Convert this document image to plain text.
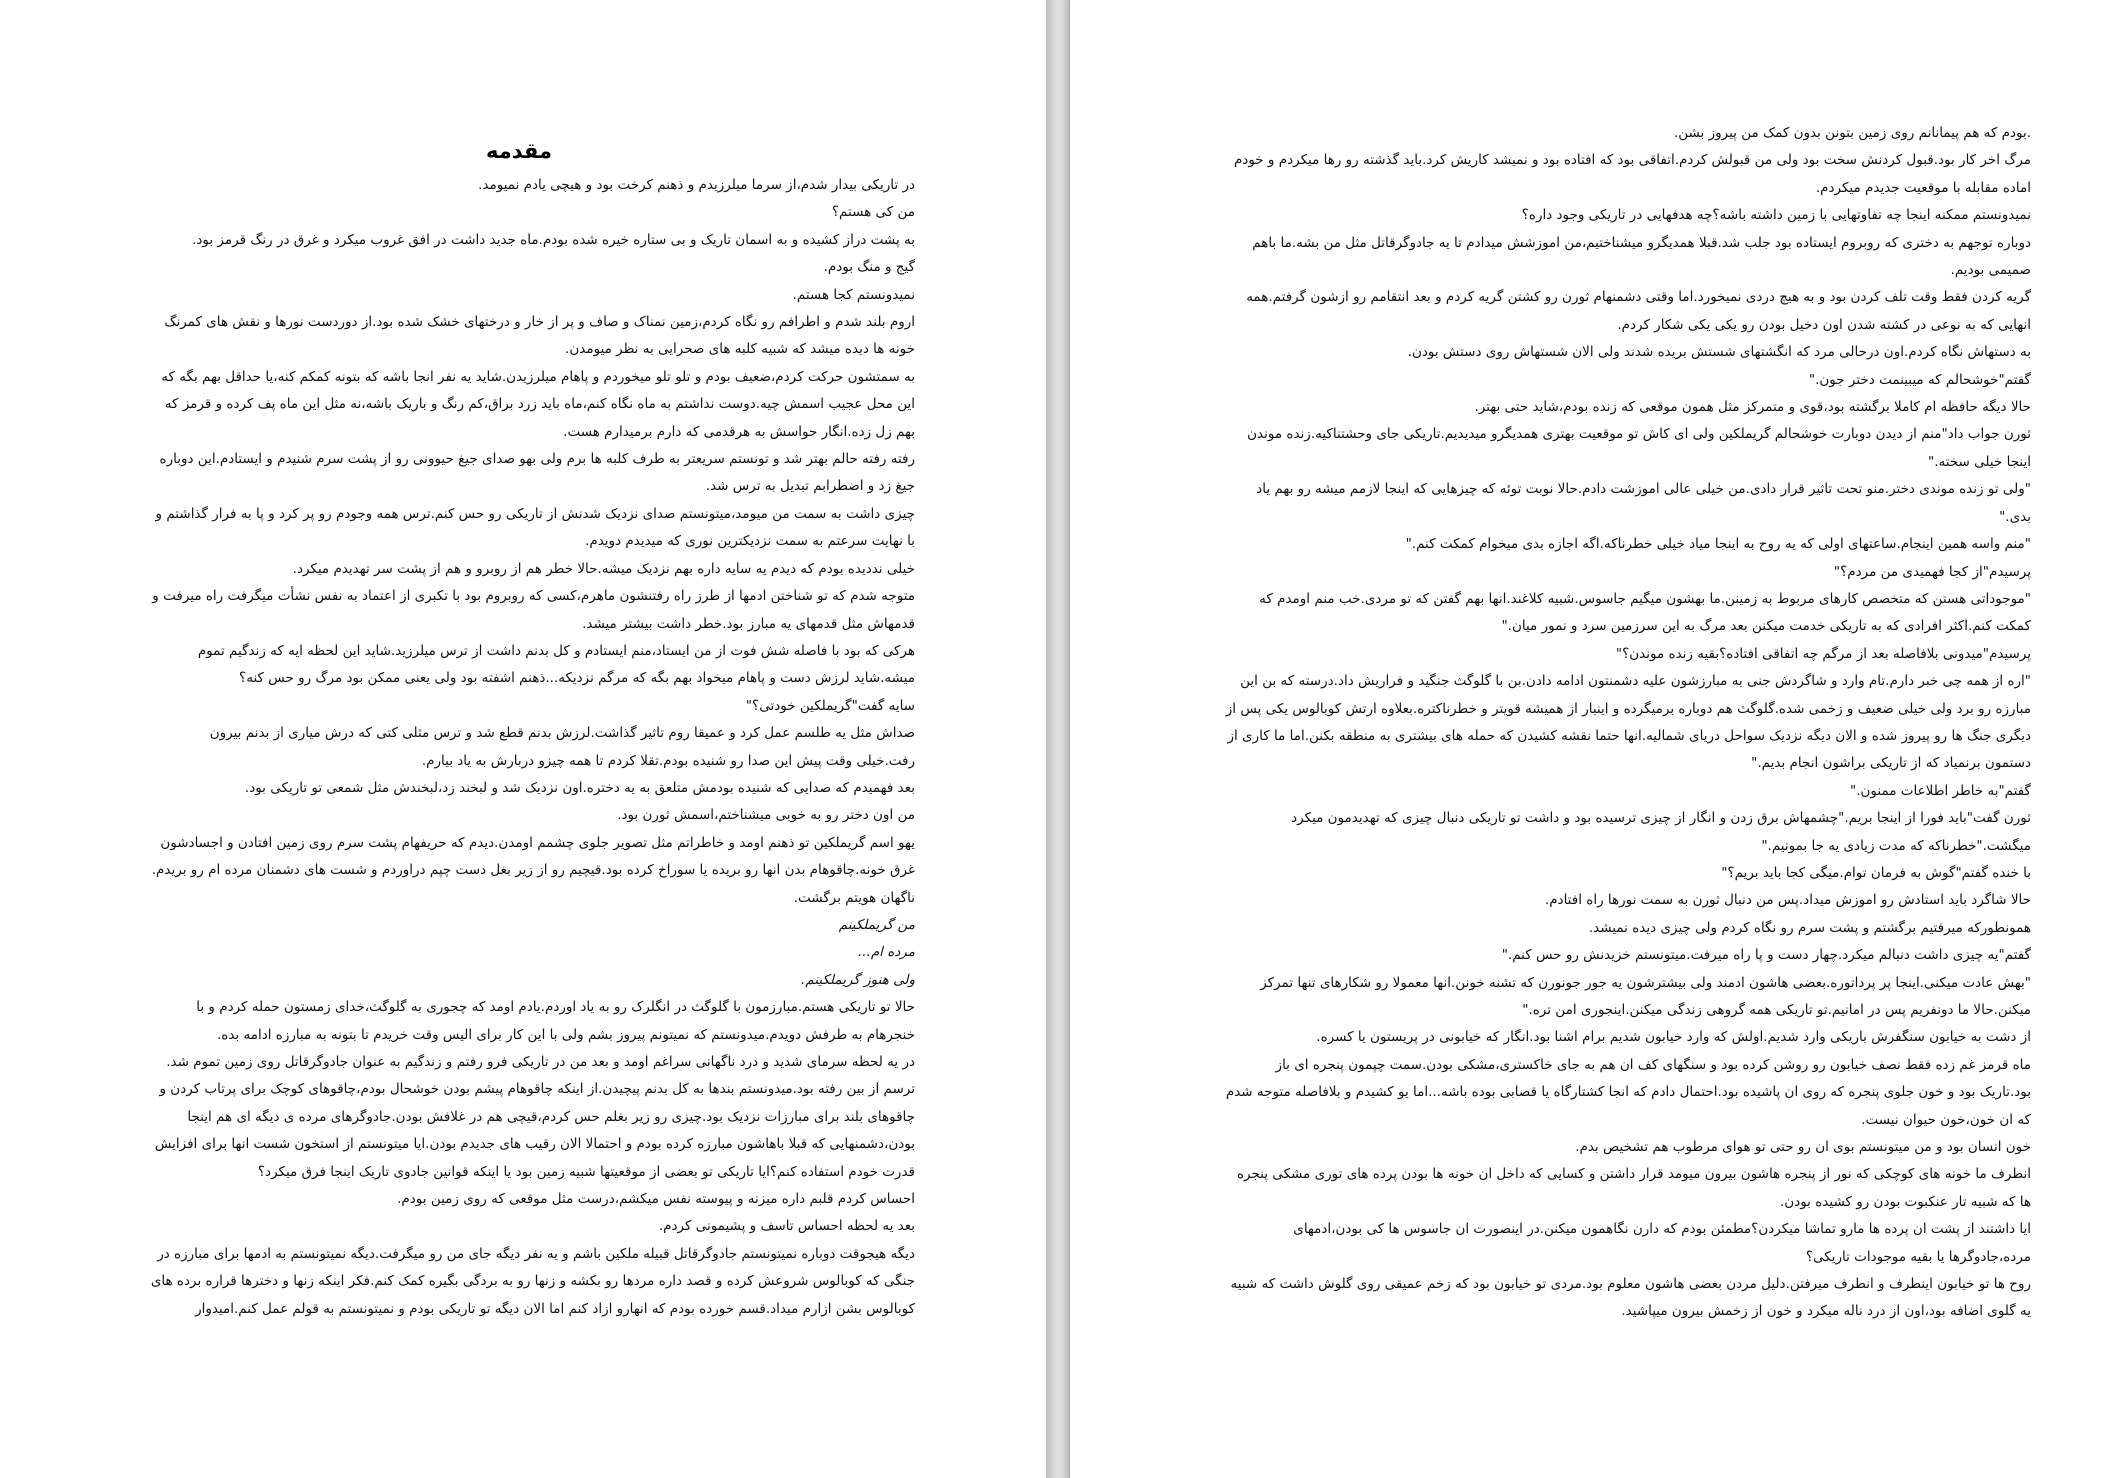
مقدمه

در تاریکی بیدار شدم،از سرما میلرزیدم و ذهنم کرخت بود و هیچی یادم نمیومد.

من کی هستم؟

به پشت دراز کشیده و به اسمان تاریک و بی ستاره خیره شده بودم.ماه جدید داشت در افق غروب میکرد و غرق در رنگ قرمز بود.

گیج و منگ بودم.

نمیدونستم کجا هستم.

اروم بلند شدم و اطرافم رو نگاه کردم،زمین نمناک و صاف و پر از خار و درختهای خشک شده بود.از دوردست نورها و نقش های کمرنگ خونه ها دیده میشد که شبیه کلبه های صحرایی به نظر میومدن.

به سمتشون حرکت کردم،ضعیف بودم و تلو تلو میخوردم و پاهام میلرزیدن.شاید یه نفر انجا باشه که بتونه کمکم کنه،یا حداقل بهم بگه که این محل عجیب اسمش چیه.دوست نداشتم به ماه نگاه کنم،ماه باید زرد براق،کم رنگ و باریک باشه،نه مثل این ماه پف کرده و قرمز که بهم زل زده.انگار حواسش به هرقدمی که دارم برمیدارم هست.

رفته رفته حالم بهتر شد و تونستم سریعتر به طرف کلبه ها برم ولی بهو صدای جیغ حیوونی رو از پشت سرم شنیدم و ایستادم.این دوباره جیغ زد و اضطرابم تبدیل به ترس شد.

چیزی داشت به سمت من میومد،میتونستم صدای نزدیک شدنش از تاریکی رو حس کنم.ترس همه وجودم رو پر کرد و پا به فرار گذاشتم و با نهایت سرعتم به سمت نزدیکترین نوری که میدیدم دویدم.

خیلی نددیده بودم که دیدم یه سایه داره بهم نزدیک میشه.حالا خطر هم از روبرو و هم از پشت سر تهدیدم میکرد.

متوجه شدم که تو شناختن ادمها از طرز راه رفتنشون ماهرم،کسی که روبروم بود با تکبری از اعتماد به نفس نشأت میگرفت راه میرفت و قدمهاش مثل قدمهای یه مبارز بود.خطر داشت بیشتر میشد.

هرکی که بود با فاصله شش فوت از من ایستاد،منم ایستادم و کل بدنم داشت از ترس میلرزید.شاید این لحظه ایه که زندگیم تموم میشه.شاید لرزش دست و پاهام میخواد بهم بگه که مرگم نزدیکه...ذهنم اشفته بود ولی یعنی ممکن بود مرگ رو حس کنه؟

سایه گفت"گریملکین خودتی؟"

صداش مثل یه طلسم عمل کرد و عمیقا روم تاثیر گذاشت.لرزش بدنم قطع شد و ترس مثلی کتی که درش میاری از بدنم بیرون رفت.خیلی وقت پیش این صدا رو شنیده بودم.تقلا کردم تا همه چیزو دربارش به یاد بیارم.

بعد فهمیدم که صدایی که شنیده بودمش متلعق به یه دختره.اون نزدیک شد و لبخند زد،لبخندش مثل شمعی تو تاریکی بود.

من اون دختر رو به خوبی میشناختم،اسمش ثورن بود.

یهو اسم گریملکین تو ذهنم اومد و خاطراتم مثل تصویر جلوی چشمم اومدن.دیدم که حریفهام پشت سرم روی زمین افتادن و اجسادشون غرق خونه.چاقوهام بدن انها رو بریده یا سوراخ کرده بود.قیچیم رو از زیر بغل دست چپم دراوردم و شست های دشمنان مرده ام رو بریدم.

ناگهان هویتم برگشت.

من گریملکینم

مرده ام...

ولی هنوز گریملکینم.

حالا تو تاریکی هستم.مبارزمون با گلوگث در انگلرک رو به یاد اوردم.یادم اومد که چجوری به گلوگث،خدای زمستون حمله کردم و با خنجرهام به طرفش دویدم.میدونستم که نمیتونم پیروز بشم ولی با این کار برای الیس وقت خریدم تا بتونه به مبارزه ادامه بده.

در یه لحظه سرمای شدید و درد ناگهانی سراغم اومد و بعد من در تاریکی فرو رفتم و زندگیم به عنوان جادوگرقاتل روی زمین تموم شد.

ترسم از بین رفته بود.میدونستم بندها به کل بدنم پیچیدن.از اینکه چاقوهام پیشم بودن خوشحال بودم،چاقوهای کوچک برای پرتاب کردن و چاقوهای بلند برای مبارزات نزدیک بود.چیزی رو زیر بغلم حس کردم،قیچی هم در غلافش بودن.جادوگرهای مرده ی دیگه ای هم اینجا بودن،دشمنهایی که قبلا باهاشون مبارزه کرده بودم و احتمالا الان رقیب های جدیدم بودن.ایا میتونستم از استخون شست انها برای افزایش قدرت خودم استفاده کنم؟ایا تاریکی تو بعضی از موقعیتها شبیه زمین بود یا اینکه قوانین جادوی تاریک اینجا فرق میکرد؟

احساس کردم قلبم داره میزنه و پیوسته نفس میکشم،درست مثل موقعی که روی زمین بودم.

بعد یه لحظه احساس تاسف و پشیمونی کردم.

دیگه هیجوقت دوباره نمیتونستم جادوگرقاتل قبیله ملکین باشم و یه نفر دیگه جای من رو میگرفت.دیگه نمیتونستم به ادمها برای مبارزه در جنگی که کوبالوس شروعش کرده و قصد داره مردها رو بکشه و زنها رو به بردگی بگیره کمک کنم.فکر اینکه زنها و دخترها قراره برده های کوبالوس بشن ازارم میداد.قسم خورده بودم که انهارو ازاد کنم اما الان دیگه تو تاریکی بودم و نمیتونستم به قولم عمل کنم.امیدوار

.بودم که هم پیمانانم روی زمین بتونن بدون کمک من پیروز بشن.

مرگ اخر کار بود.قبول کردنش سخت بود ولی من قبولش کردم.اتفاقی بود که افتاده بود و نمیشد کاریش کرد.باید گذشته رو رها میکردم و خودم اماده مقابله با موقعیت جدیدم میکردم.

نمیدونستم ممکنه اینجا چه تفاوتهایی با زمین داشته باشه؟چه هدفهایی در تاریکی وجود داره؟

دوباره توجهم به دختری که روبروم ایستاده بود جلب شد.قبلا همدیگرو میشناختیم،من اموزشش میدادم تا یه جادوگرقاتل مثل من بشه.ما باهم صمیمی بودیم.

گریه کردن فقط وقت تلف کردن بود و به هیچ دردی نمیخورد.اما وقتی دشمنهام ثورن رو کشتن گریه کردم و بعد انتقامم رو ازشون گرفتم.همه انهایی که به نوعی در کشته شدن اون دخیل بودن رو یکی یکی شکار کردم.

به دستهاش نگاه کردم.اون درحالی مرد که انگشتهای شستش بریده شدند ولی الان شستهاش روی دستش بودن.

گفتم"خوشحالم که میبینمت دختر جون."

حالا دیگه حافظه ام کاملا برگشته بود،قوی و متمرکز مثل همون موقعی که زنده بودم،شاید حتی بهتر.

ثورن جواب داد"منم از دیدن دوبارت خوشحالم گریملکین ولی ای کاش تو موقعیت بهتری همدیگرو میدیدیم.تاریکی جای وحشتناکیه.زنده موندن اینجا خیلی سخته."

"ولی تو زنده موندی دختر.منو تحت تاثیر قرار دادی.من خیلی عالی اموزشت دادم.حالا نوبت توئه که چیزهایی که اینجا لازمم میشه رو بهم یاد بدی."

"منم واسه همین اینجام.ساعتهای اولی که یه روح به اینجا میاد خیلی خطرناکه.اگه اجازه بدی میخوام کمکت کنم."

پرسیدم"از کجا فهمیدی من مردم؟"

"موجوداتی هستن که متخصص کارهای مربوط به زمینن.ما بهشون میگیم جاسوس.شبیه کلاغند.انها بهم گفتن که تو مردی.خب منم اومدم که کمکت کنم.اکثر افرادی که به تاریکی خدمت میکنن بعد مرگ به این سرزمین سرد و نمور میان."

پرسیدم"میدونی بلافاصله بعد از مرگم چه اتفاقی افتاده؟بقیه زنده موندن؟"

"اره از همه چی خبر دارم.تام وارد و شاگردش جنی به مبارزشون علیه دشمنتون ادامه دادن.بن با گلوگث جنگید و فراریش داد.درسته که بن این مبارزه رو برد ولی خیلی ضعیف و زخمی شده.گلوگث هم دوباره برمیگرده و اینبار از همیشه قویتر و خطرناکتره.بعلاوه ارتش کوبالوس یکی پس از دیگری جنگ ها رو پیروز شده و الان دیگه نزدیک سواحل دریای شمالیه.انها حتما نقشه کشیدن که حمله های بیشتری به منطقه بکنن.اما ما کاری از دستمون برنمیاد که از تاریکی براشون انجام بدیم."

گفتم"به خاطر اطلاعات ممنون."

ثورن گفت"باید فورا از اینجا بریم."چشمهاش برق زدن و انگار از چیزی ترسیده بود و داشت تو تاریکی دنبال چیزی که تهدیدمون میکرد میگشت."خطرناکه که مدت زیادی یه جا بمونیم."

با خنده گفتم"گوش به فرمان توام.میگی کجا باید بریم؟"

حالا شاگرد باید استادش رو اموزش میداد.پس من دنبال ثورن به سمت نورها راه افتادم.

همونطورکه میرفتیم برگشتم و پشت سرم رو نگاه کردم ولی چیزی دیده نمیشد.

گفتم"یه چیزی داشت دنبالم میکرد.چهار دست و پا راه میرفت.میتونستم خزیدنش رو حس کنم."

"بهش عادت میکنی.اینجا پر پرداتوره.بعضی هاشون ادمند ولی بیشترشون یه جور جونورن که تشنه خونن.انها معمولا رو شکارهای تنها تمرکز میکنن.حالا ما دونفریم پس در امانیم.تو تاریکی همه گروهی زندگی میکنن.اینجوری امن تره."

از دشت به خیابون سنگفرش باریکی وارد شدیم.اولش که وارد خیابون شدیم برام اشنا بود.انگار که خیابونی در پریستون یا کسره.

ماه قرمز غم زده فقط نصف خیابون رو روشن کرده بود و سنگهای کف ان هم به جای خاکستری،مشکی بودن.سمت چپمون پنجره ای باز بود.تاریک بود و خون جلوی پنجره که روی ان پاشیده بود.احتمال دادم که انجا کشتارگاه یا قصابی بوده باشه...اما یو کشیدم و بلافاصله متوجه شدم که ان خون،خون حیوان نیست.

خون انسان بود و من میتونستم بوی ان رو حتی تو هوای مرطوب هم تشخیص بدم.

انطرف ما خونه های کوچکی که نور از پنجره هاشون بیرون میومد قرار داشتن و کسایی که داخل ان خونه ها بودن پرده های توری مشکی پنجره ها که شبیه تار عنکبوت بودن رو کشیده بودن.

ایا داشتند از پشت ان پرده ها مارو تماشا میکردن؟مطمئن بودم که دارن نگاهمون میکنن.در اینصورت ان جاسوس ها کی بودن،ادمهای مرده،جادوگرها یا بقیه موجودات تاریکی؟

روح ها تو خیابون اینطرف و انطرف میرفتن.دلیل مردن بعضی هاشون معلوم بود.مردی تو خیابون بود که زخم عمیقی روی گلوش داشت که شبیه یه گلوی اضافه بود،اون از درد ناله میکرد و خون از زخمش بیرون میپاشید.
